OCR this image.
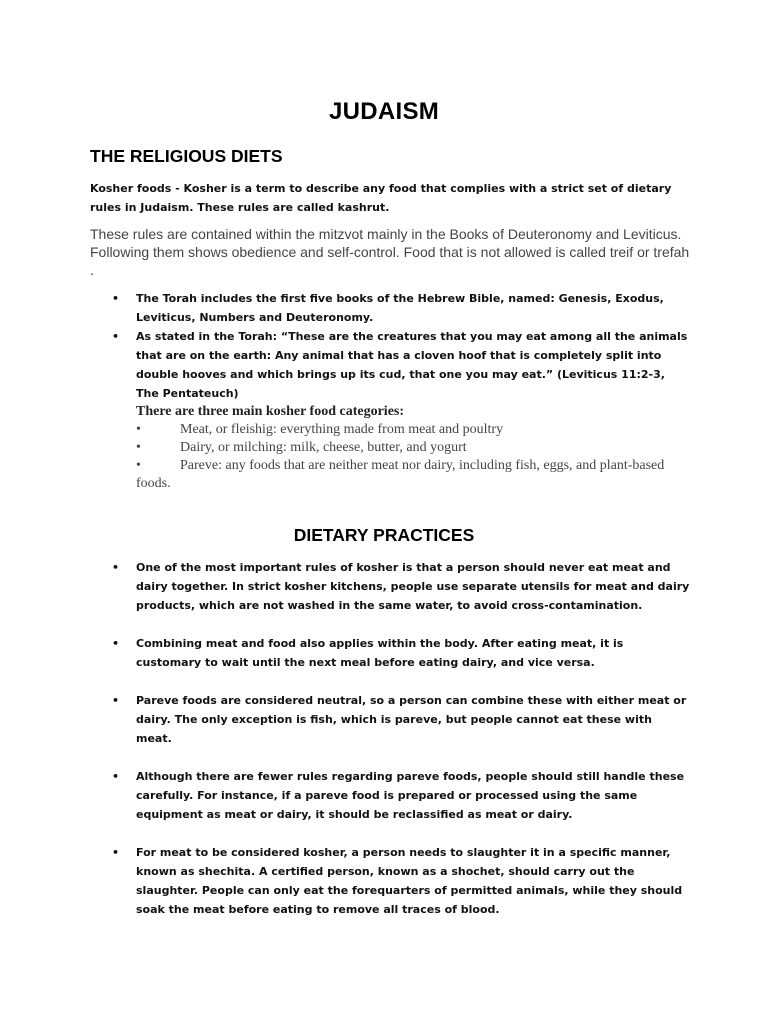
JUDAISM
THE RELIGIOUS DIETS
Kosher foods - Kosher is a term to describe any food that complies with a strict set of dietary rules in Judaism. These rules are called kashrut.
These rules are contained within the mitzvot mainly in the Books of Deuteronomy and Leviticus. Following them shows obedience and self-control. Food that is not allowed is called treif or trefah .
• The Torah includes the first five books of the Hebrew Bible, named: Genesis, Exodus, Leviticus, Numbers and Deuteronomy.
• As stated in the Torah: “These are the creatures that you may eat among all the animals that are on the earth: Any animal that has a cloven hoof that is completely split into double hooves and which brings up its cud, that one you may eat.” (Leviticus 11:2-3, The Pentateuch)
There are three main kosher food categories:
•	Meat, or fleishig: everything made from meat and poultry
•	Dairy, or milching: milk, cheese, butter, and yogurt
•	Pareve: any foods that are neither meat nor dairy, including fish, eggs, and plant-based foods.
DIETARY PRACTICES
• One of the most important rules of kosher is that a person should never eat meat and dairy together. In strict kosher kitchens, people use separate utensils for meat and dairy products, which are not washed in the same water, to avoid cross-contamination.
• Combining meat and food also applies within the body. After eating meat, it is customary to wait until the next meal before eating dairy, and vice versa.
• Pareve foods are considered neutral, so a person can combine these with either meat or dairy. The only exception is fish, which is pareve, but people cannot eat these with meat.
• Although there are fewer rules regarding pareve foods, people should still handle these carefully. For instance, if a pareve food is prepared or processed using the same equipment as meat or dairy, it should be reclassified as meat or dairy.
• For meat to be considered kosher, a person needs to slaughter it in a specific manner, known as shechita. A certified person, known as a shochet, should carry out the slaughter. People can only eat the forequarters of permitted animals, while they should soak the meat before eating to remove all traces of blood.
